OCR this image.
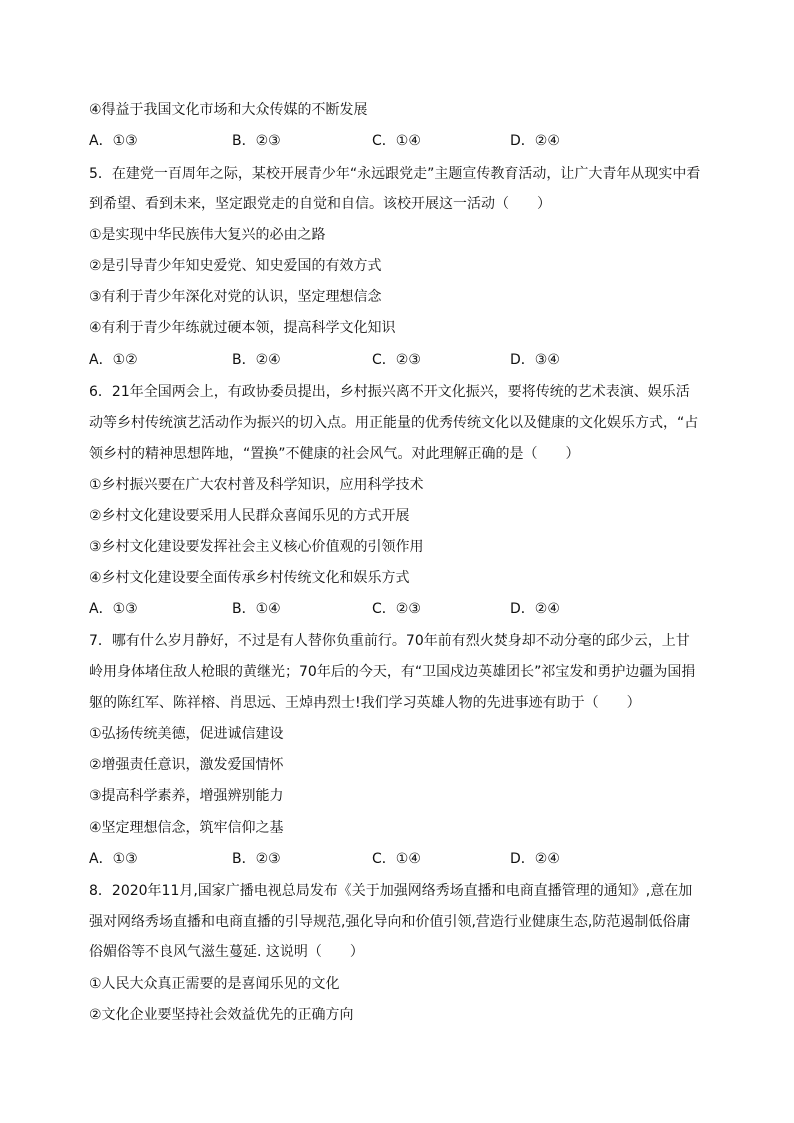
④得益于我国文化市场和大众传媒的不断发展
A．①③	B．②③	C．①④	D．②④
5．在建党一百周年之际，某校开展青少年“永远跟党走”主题宣传教育活动，让广大青年从现实中看
到希望、看到未来，坚定跟党走的自觉和自信。该校开展这一活动（　　）
①是实现中华民族伟大复兴的必由之路
②是引导青少年知史爱党、知史爱国的有效方式
③有利于青少年深化对党的认识，坚定理想信念
④有利于青少年练就过硬本领，提高科学文化知识
A．①②	B．②④	C．②③	D．③④
6．21年全国两会上，有政协委员提出，乡村振兴离不开文化振兴，要将传统的艺术表演、娱乐活
动等乡村传统演艺活动作为振兴的切入点。用正能量的优秀传统文化以及健康的文化娱乐方式，“占
领乡村的精神思想阵地，“置换”不健康的社会风气。对此理解正确的是（　　）
①乡村振兴要在广大农村普及科学知识，应用科学技术
②乡村文化建设要采用人民群众喜闻乐见的方式开展
③乡村文化建设要发挥社会主义核心价值观的引领作用
④乡村文化建设要全面传承乡村传统文化和娱乐方式
A．①③	B．①④	C．②③	D．②④
7．哪有什么岁月静好，不过是有人替你负重前行。70年前有烈火焚身却不动分毫的邱少云，上甘
岭用身体堵住敌人枪眼的黄继光；70年后的今天，有“卫国戍边英雄团长”祁宝发和勇护边疆为国捐
躯的陈红军、陈祥榕、肖思远、王焯冉烈士!我们学习英雄人物的先进事迹有助于（　　）
①弘扬传统美德，促进诚信建设
②增强责任意识，激发爱国情怀
③提高科学素养，增强辨别能力
④坚定理想信念，筑牢信仰之基
A．①③	B．②③	C．①④	D．②④
8．2020年11月,国家广播电视总局发布《关于加强网络秀场直播和电商直播管理的通知》,意在加
强对网络秀场直播和电商直播的引导规范,强化导向和价值引领,营造行业健康生态,防范遏制低俗庸
俗媚俗等不良风气滋生蔓延. 这说明（　　）
①人民大众真正需要的是喜闻乐见的文化
②文化企业要坚持社会效益优先的正确方向
